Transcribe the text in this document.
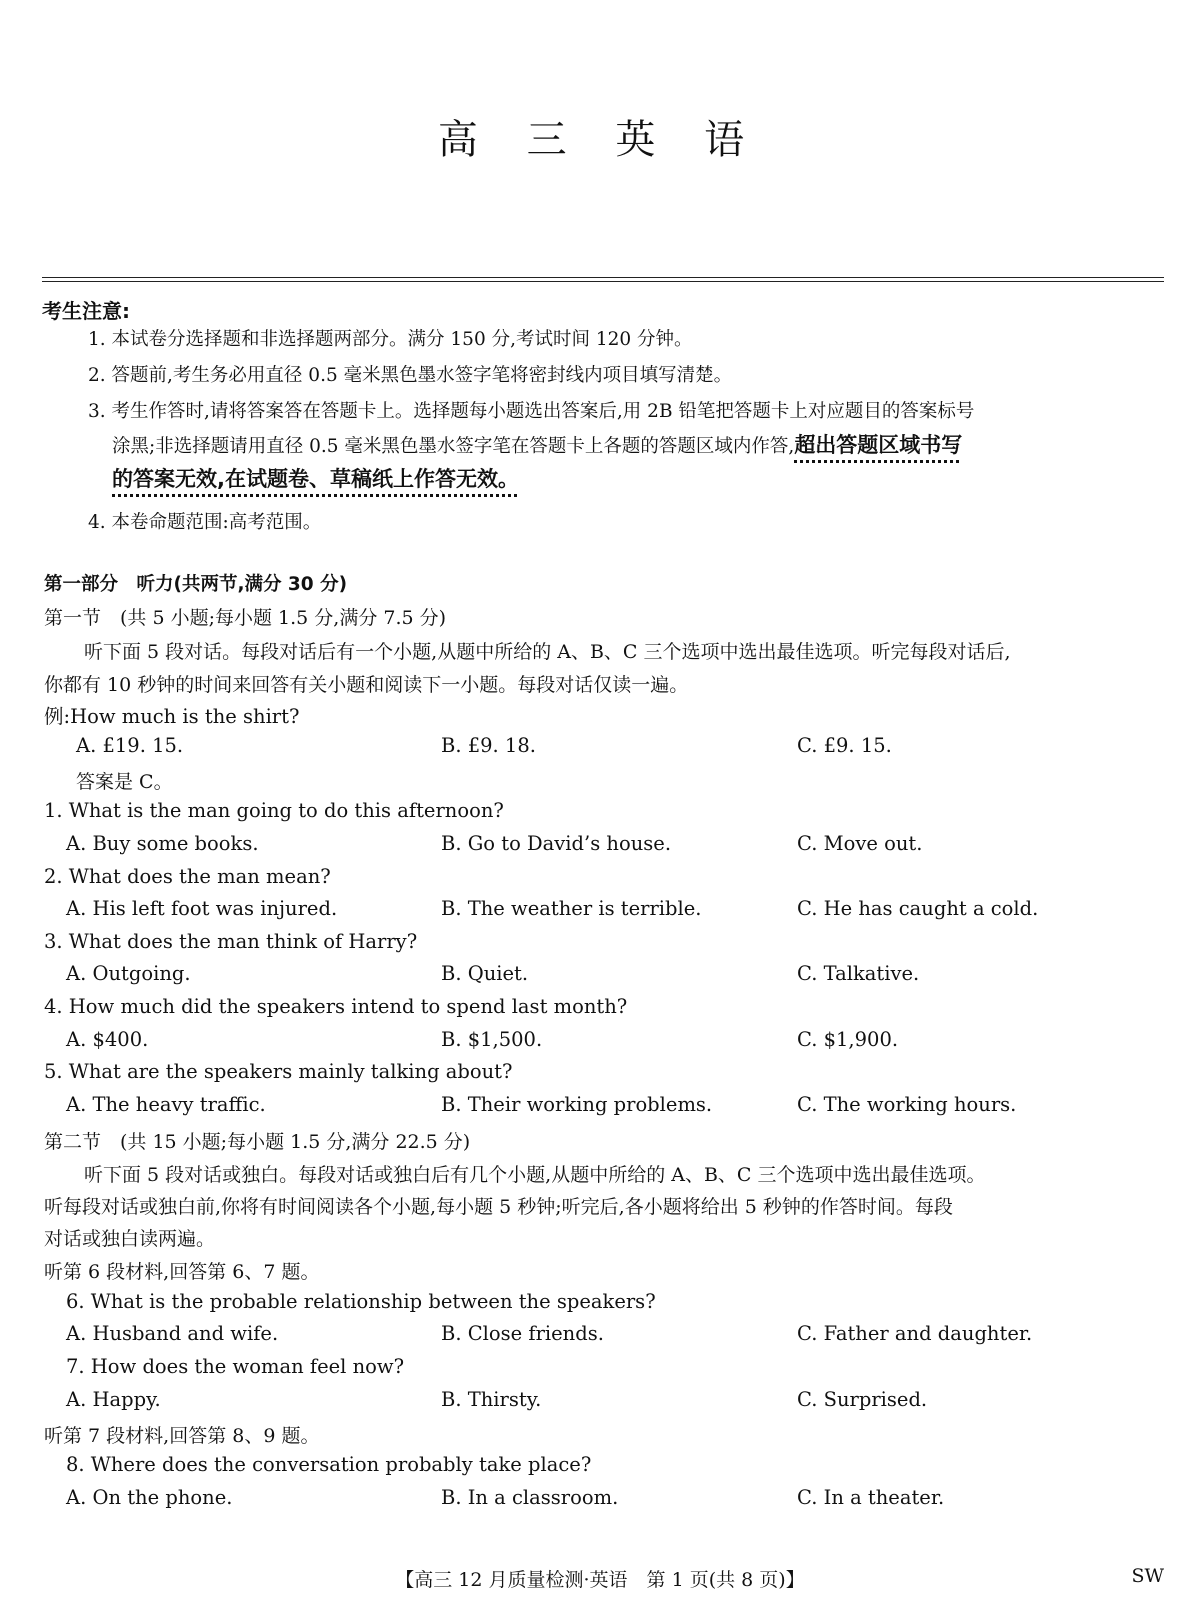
高 三 英 语
考生注意:
1. 本试卷分选择题和非选择题两部分。满分 150 分,考试时间 120 分钟。
2. 答题前,考生务必用直径 0.5 毫米黑色墨水签字笔将密封线内项目填写清楚。
3. 考生作答时,请将答案答在答题卡上。选择题每小题选出答案后,用 2B 铅笔把答题卡上对应题目的答案标号
涂黑;非选择题请用直径 0.5 毫米黑色墨水签字笔在答题卡上各题的答题区域内作答,超出答题区域书写
的答案无效,在试题卷、草稿纸上作答无效。
4. 本卷命题范围:高考范围。
第一部分　听力(共两节,满分 30 分)
第一节　(共 5 小题;每小题 1.5 分,满分 7.5 分)
听下面 5 段对话。每段对话后有一个小题,从题中所给的 A、B、C 三个选项中选出最佳选项。听完每段对话后,
你都有 10 秒钟的时间来回答有关小题和阅读下一小题。每段对话仅读一遍。
例:How much is the shirt?
A. £19. 15.	B. £9. 18.	C. £9. 15.
答案是 C。
1. What is the man going to do this afternoon?
A. Buy some books.	B. Go to David’s house.	C. Move out.
2. What does the man mean?
A. His left foot was injured.	B. The weather is terrible.	C. He has caught a cold.
3. What does the man think of Harry?
A. Outgoing.	B. Quiet.	C. Talkative.
4. How much did the speakers intend to spend last month?
A. $400.	B. $1,500.	C. $1,900.
5. What are the speakers mainly talking about?
A. The heavy traffic.	B. Their working problems.	C. The working hours.
第二节　(共 15 小题;每小题 1.5 分,满分 22.5 分)
听下面 5 段对话或独白。每段对话或独白后有几个小题,从题中所给的 A、B、C 三个选项中选出最佳选项。
听每段对话或独白前,你将有时间阅读各个小题,每小题 5 秒钟;听完后,各小题将给出 5 秒钟的作答时间。每段
对话或独白读两遍。
听第 6 段材料,回答第 6、7 题。
6. What is the probable relationship between the speakers?
A. Husband and wife.	B. Close friends.	C. Father and daughter.
7. How does the woman feel now?
A. Happy.	B. Thirsty.	C. Surprised.
听第 7 段材料,回答第 8、9 题。
8. Where does the conversation probably take place?
A. On the phone.	B. In a classroom.	C. In a theater.
【高三 12 月质量检测·英语　第 1 页(共 8 页)】	SW
